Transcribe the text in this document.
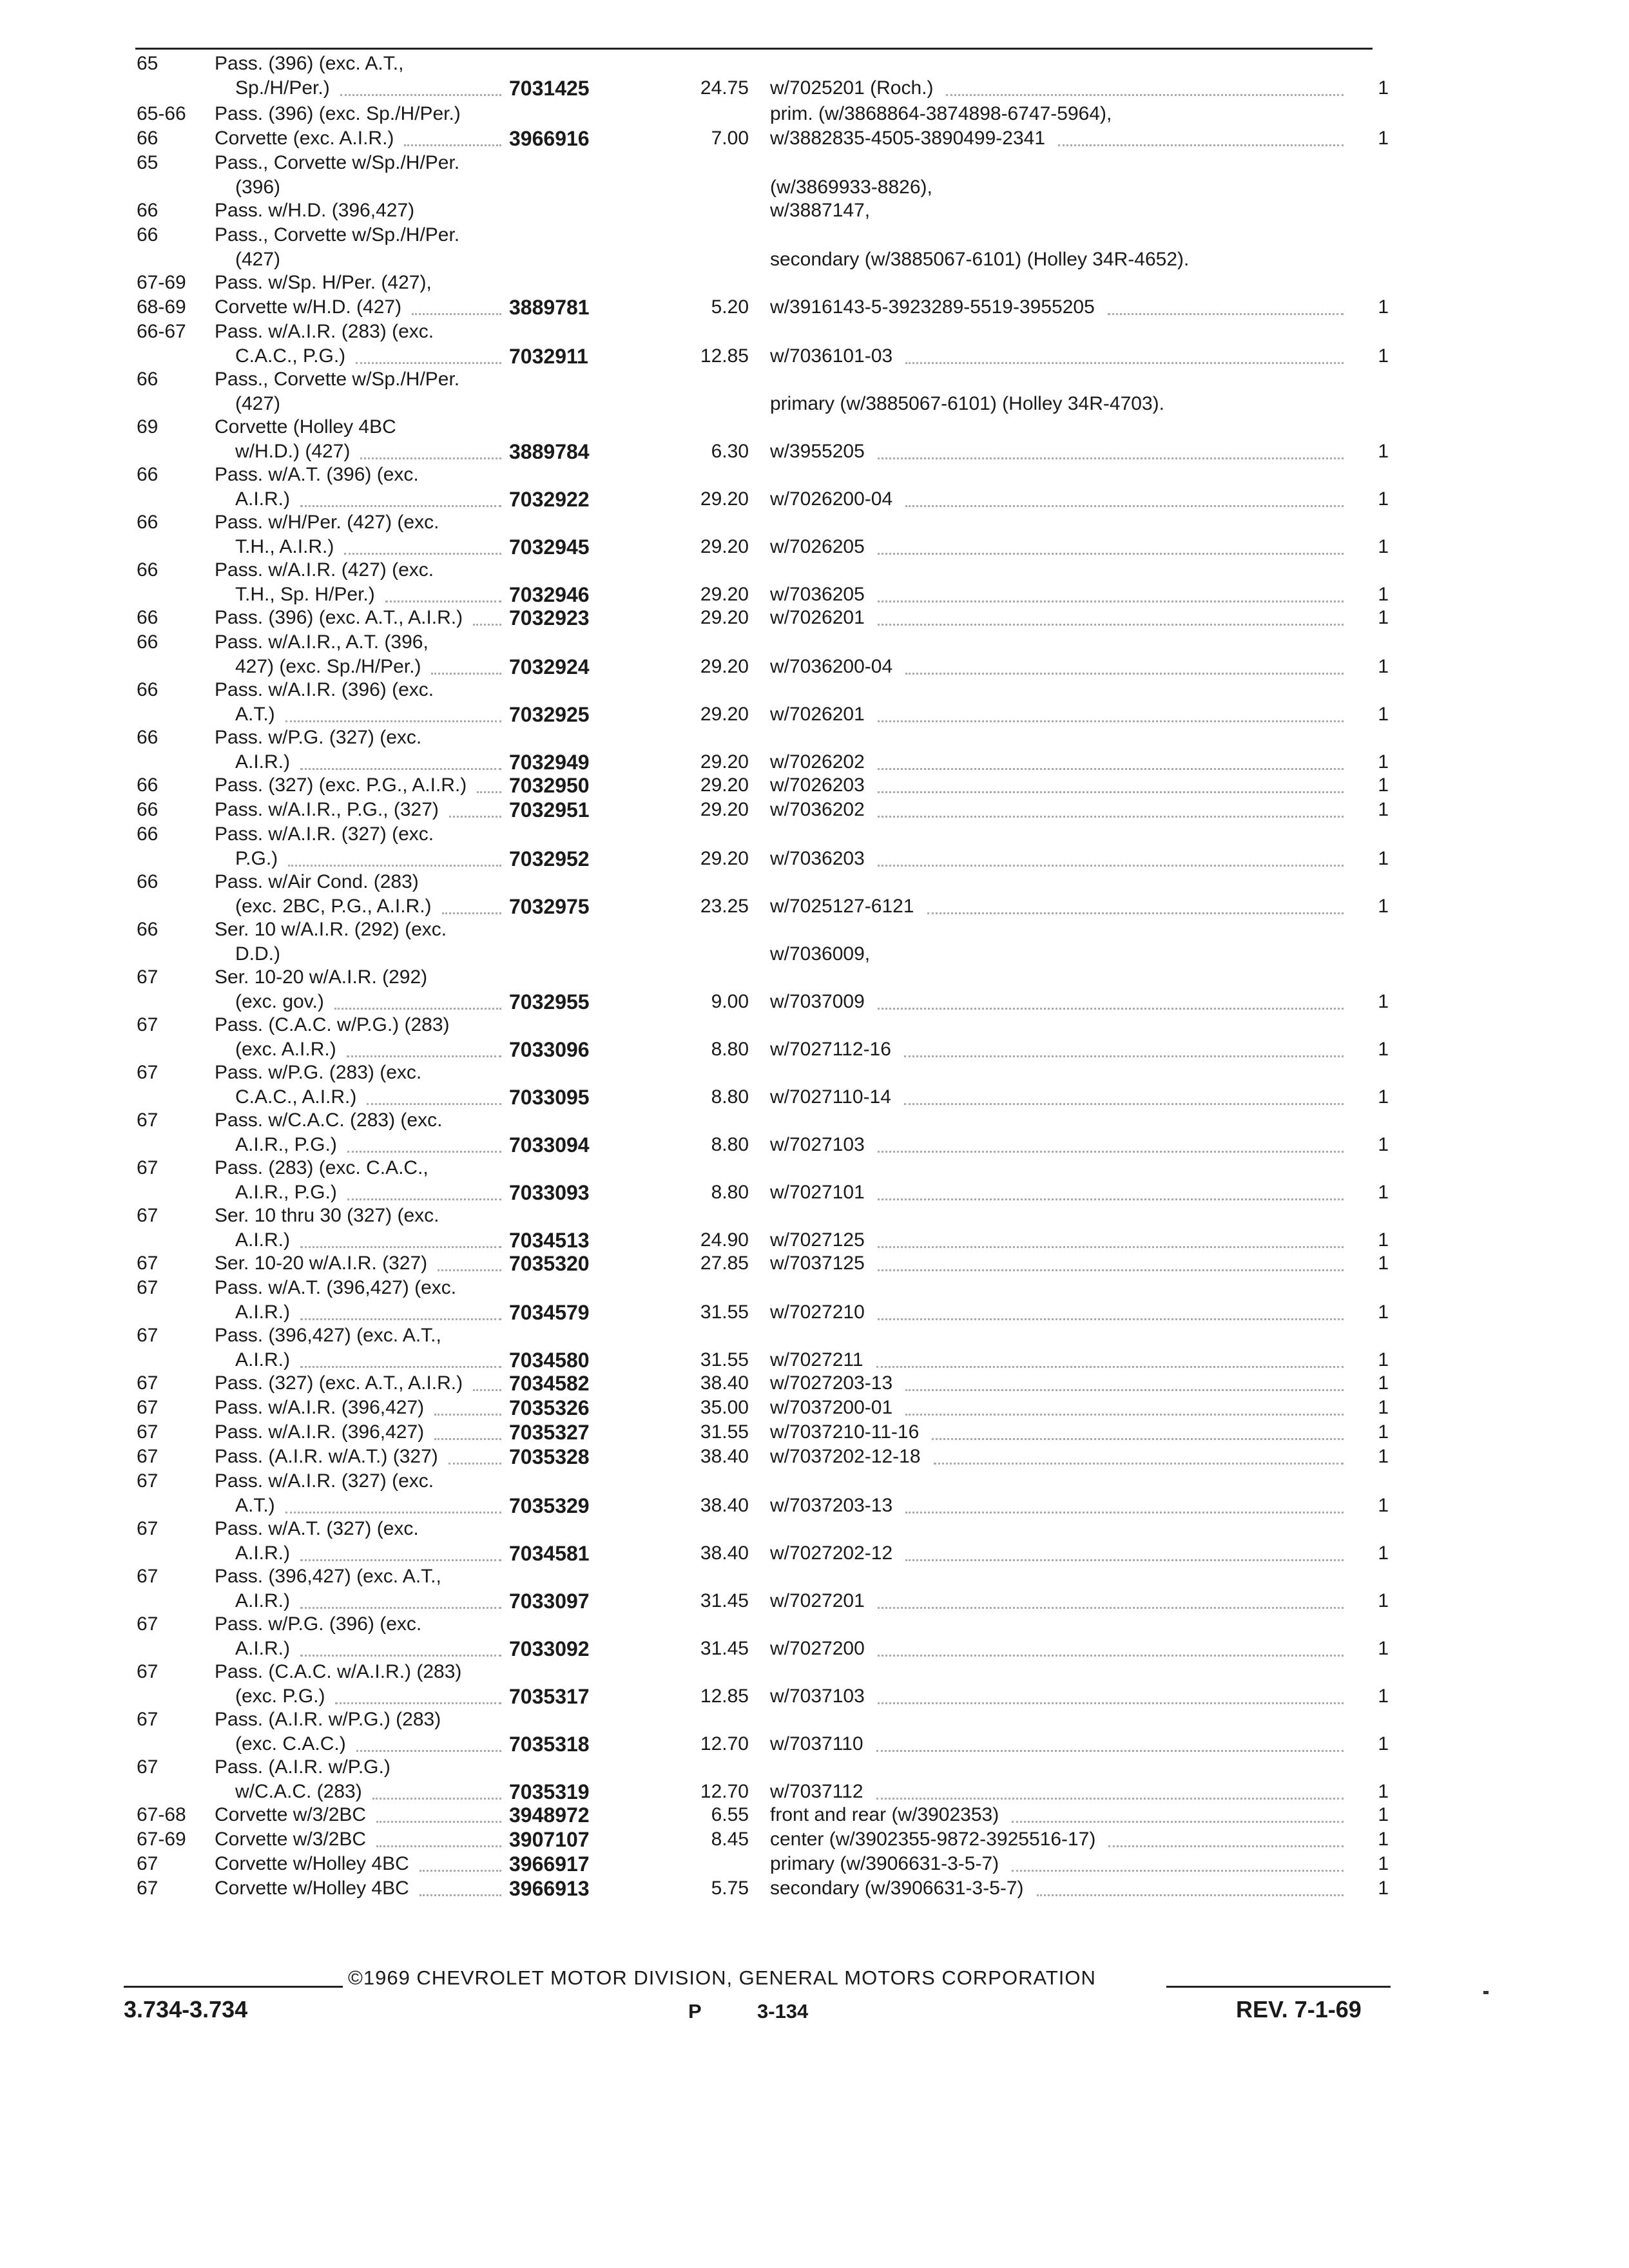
65	Pass. (396) (exc. A.T.,
Sp./H/Per.)	7031425	24.75 w/7025201 (Roch.)	1
65-66 Pass. (396) (exc. Sp./H/Per.)	prim. (w/3868864-3874898-6747-5964),
66	Corvette (exc. A.I.R.)	3966916	7.00 w/3882835-4505-3890499-2341	1
65	Pass., Corvette w/Sp./H/Per.
(396)	(w/3869933-8826),
66	Pass. w/H.D. (396,427)	w/3887147,
66	Pass., Corvette w/Sp./H/Per.
(427)	secondary (w/3885067-6101) (Holley 34R-4652).
67-69 Pass. w/Sp. H/Per. (427),
68-69 Corvette w/H.D. (427)	3889781	5.20 w/3916143-5-3923289-5519-3955205	1
66-67 Pass. w/A.I.R. (283) (exc.
C.A.C., P.G.)	7032911	12.85 w/7036101-03	1
66	Pass., Corvette w/Sp./H/Per.
(427)	primary (w/3885067-6101) (Holley 34R-4703).
69	Corvette (Holley 4BC
w/H.D.) (427)	3889784	6.30 w/3955205	1
66	Pass. w/A.T. (396) (exc.
A.I.R.)	7032922	29.20 w/7026200-04	1
66	Pass. w/H/Per. (427) (exc.
T.H., A.I.R.)	7032945	29.20 w/7026205	1
66	Pass. w/A.I.R. (427) (exc.
T.H., Sp. H/Per.)	7032946	29.20 w/7036205	1
66	Pass. (396) (exc. A.T., A.I.R.) 7032923	29.20 w/7026201	1
66	Pass. w/A.I.R., A.T. (396,
427) (exc. Sp./H/Per.)	7032924	29.20 w/7036200-04	1
66	Pass. w/A.I.R. (396) (exc.
A.T.)	7032925	29.20 w/7026201	1
66	Pass. w/P.G. (327) (exc.
A.I.R.)	7032949	29.20 w/7026202	1
66	Pass. (327) (exc. P.G., A.I.R.) 7032950	29.20 w/7026203	1
66	Pass. w/A.I.R., P.G., (327)	7032951	29.20 w/7036202	1
66	Pass. w/A.I.R. (327) (exc.
P.G.)	7032952	29.20 w/7036203	1
66	Pass. w/Air Cond. (283)
(exc. 2BC, P.G., A.I.R.)	7032975	23.25 w/7025127-6121	1
66	Ser. 10 w/A.I.R. (292) (exc.
D.D.)	w/7036009,
67	Ser. 10-20 w/A.I.R. (292)
(exc. gov.)	7032955	9.00 w/7037009	1
67	Pass. (C.A.C. w/P.G.) (283)
(exc. A.I.R.)	7033096	8.80 w/7027112-16	1
67	Pass. w/P.G. (283) (exc.
C.A.C., A.I.R.)	7033095	8.80 w/7027110-14	1
67	Pass. w/C.A.C. (283) (exc.
A.I.R., P.G.)	7033094	8.80 w/7027103	1
67	Pass. (283) (exc. C.A.C.,
A.I.R., P.G.)	7033093	8.80 w/7027101	1
67	Ser. 10 thru 30 (327) (exc.
A.I.R.)	7034513	24.90 w/7027125	1
67	Ser. 10-20 w/A.I.R. (327)	7035320	27.85 w/7037125	1
67	Pass. w/A.T. (396,427) (exc.
A.I.R.)	7034579	31.55 w/7027210	1
67	Pass. (396,427) (exc. A.T.,
A.I.R.)	7034580	31.55 w/7027211	1
67	Pass. (327) (exc. A.T., A.I.R.) 7034582	38.40 w/7027203-13	1
67	Pass. w/A.I.R. (396,427)	7035326	35.00 w/7037200-01	1
67	Pass. w/A.I.R. (396,427)	7035327	31.55 w/7037210-11-16	1
67	Pass. (A.I.R. w/A.T.) (327)	7035328	38.40 w/7037202-12-18	1
67	Pass. w/A.I.R. (327) (exc.
A.T.)	7035329	38.40 w/7037203-13	1
67	Pass. w/A.T. (327) (exc.
A.I.R.)	7034581	38.40 w/7027202-12	1
67	Pass. (396,427) (exc. A.T.,
A.I.R.)	7033097	31.45 w/7027201	1
67	Pass. w/P.G. (396) (exc.
A.I.R.)	7033092	31.45 w/7027200	1
67	Pass. (C.A.C. w/A.I.R.) (283)
(exc. P.G.)	7035317	12.85 w/7037103	1
67	Pass. (A.I.R. w/P.G.) (283)
(exc. C.A.C.)	7035318	12.70 w/7037110	1
67	Pass. (A.I.R. w/P.G.)
w/C.A.C. (283)	7035319	12.70 w/7037112	1
67-68 Corvette w/3/2BC	3948972	6.55 front and rear (w/3902353)	1
67-69 Corvette w/3/2BC	3907107	8.45 center (w/3902355-9872-3925516-17)	1
67	Corvette w/Holley 4BC	3966917	primary (w/3906631-3-5-7)	1
67	Corvette w/Holley 4BC	3966913	5.75 secondary (w/3906631-3-5-7)	1
©1969 CHEVROLET MOTOR DIVISION, GENERAL MOTORS CORPORATION
3.734-3.734	P	3-134	REV. 7-1-69
